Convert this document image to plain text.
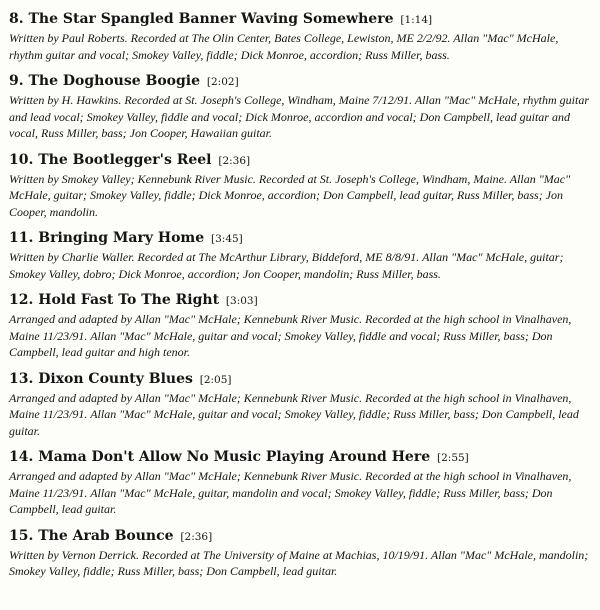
8. The Star Spangled Banner Waving Somewhere [1:14]
Written by Paul Roberts. Recorded at The Olin Center, Bates College, Lewiston, ME 2/2/92. Allan "Mac" McHale, rhythm guitar and vocal; Smokey Valley, fiddle; Dick Monroe, accordion; Russ Miller, bass.
9. The Doghouse Boogie [2:02]
Written by H. Hawkins. Recorded at St. Joseph's College, Windham, Maine 7/12/91. Allan "Mac" McHale, rhythm guitar and lead vocal; Smokey Valley, fiddle and vocal; Dick Monroe, accordion and vocal; Don Campbell, lead guitar and vocal, Russ Miller, bass; Jon Cooper, Hawaiian guitar.
10. The Bootlegger's Reel [2:36]
Written by Smokey Valley; Kennebunk River Music. Recorded at St. Joseph's College, Windham, Maine. Allan "Mac" McHale, guitar; Smokey Valley, fiddle; Dick Monroe, accordion; Don Campbell, lead guitar, Russ Miller, bass; Jon Cooper, mandolin.
11. Bringing Mary Home [3:45]
Written by Charlie Waller. Recorded at The McArthur Library, Biddeford, ME 8/8/91. Allan "Mac" McHale, guitar; Smokey Valley, dobro; Dick Monroe, accordion; Jon Cooper, mandolin; Russ Miller, bass.
12. Hold Fast To The Right [3:03]
Arranged and adapted by Allan "Mac" McHale; Kennebunk River Music. Recorded at the high school in Vinalhaven, Maine 11/23/91. Allan "Mac" McHale, guitar and vocal; Smokey Valley, fiddle and vocal; Russ Miller, bass; Don Campbell, lead guitar and high tenor.
13. Dixon County Blues [2:05]
Arranged and adapted by Allan "Mac" McHale; Kennebunk River Music. Recorded at the high school in Vinalhaven, Maine 11/23/91. Allan "Mac" McHale, guitar and vocal; Smokey Valley, fiddle; Russ Miller, bass; Don Campbell, lead guitar.
14. Mama Don't Allow No Music Playing Around Here [2:55]
Arranged and adapted by Allan "Mac" McHale; Kennebunk River Music. Recorded at the high school in Vinalhaven, Maine 11/23/91. Allan "Mac" McHale, guitar, mandolin and vocal; Smokey Valley, fiddle; Russ Miller, bass; Don Campbell, lead guitar.
15. The Arab Bounce [2:36]
Written by Vernon Derrick. Recorded at The University of Maine at Machias, 10/19/91. Allan "Mac" McHale, mandolin; Smokey Valley, fiddle; Russ Miller, bass; Don Campbell, lead guitar.
